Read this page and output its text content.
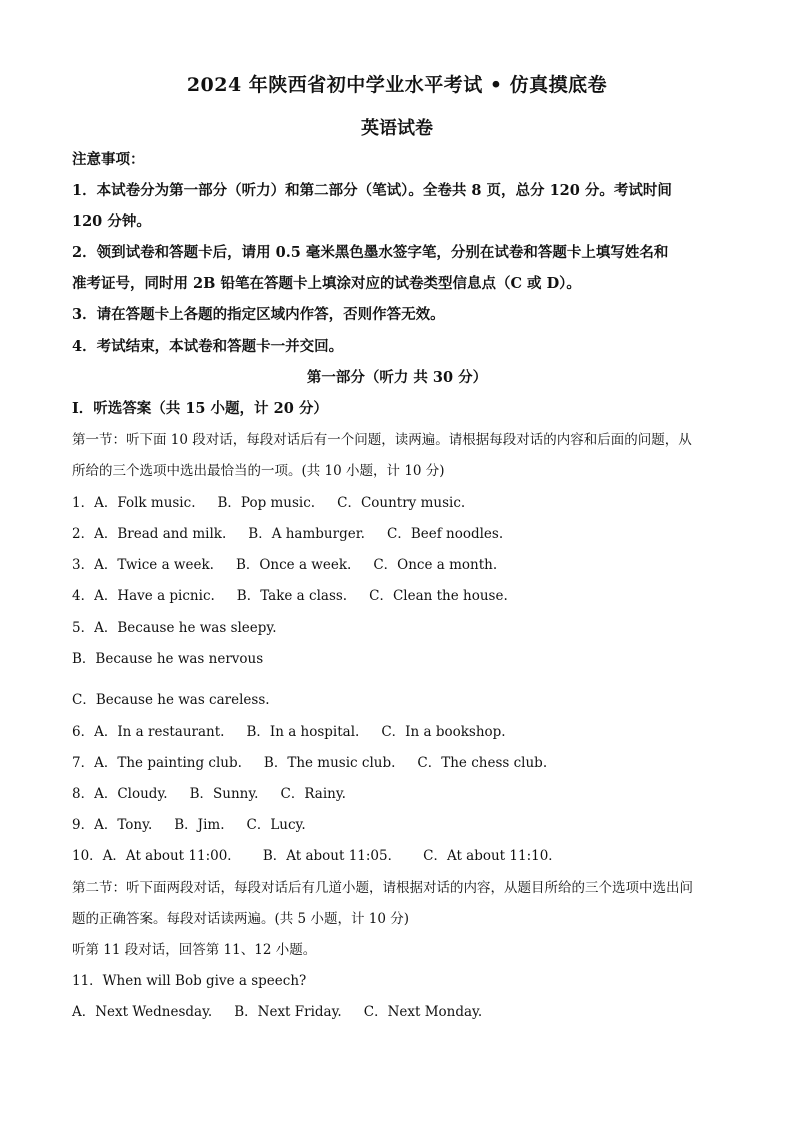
2024 年陕西省初中学业水平考试 • 仿真摸底卷
英语试卷
注意事项：
1．本试卷分为第一部分（听力）和第二部分（笔试）。全卷共 8 页，总分 120 分。考试时间
120 分钟。
2．领到试卷和答题卡后，请用 0.5 毫米黑色墨水签字笔，分别在试卷和答题卡上填写姓名和
准考证号，同时用 2B 铅笔在答题卡上填涂对应的试卷类型信息点（C 或 D）。
3．请在答题卡上各题的指定区域内作答，否则作答无效。
4．考试结束，本试卷和答题卡一并交回。
第一部分（听力 共 30 分）
Ⅰ．听选答案（共 15 小题，计 20 分）
第一节：听下面 10 段对话，每段对话后有一个问题，读两遍。请根据每段对话的内容和后面的问题，从
所给的三个选项中选出最恰当的一项。(共 10 小题，计 10 分)
1．A．Folk music. B．Pop music. C．Country music.
2．A．Bread and milk. B．A hamburger. C．Beef noodles.
3．A．Twice a week. B．Once a week. C．Once a month.
4．A．Have a picnic. B．Take a class. C．Clean the house.
5．A．Because he was sleepy.
B．Because he was nervous
C．Because he was careless.
6．A．In a restaurant. B．In a hospital. C．In a bookshop.
7．A．The painting club. B．The music club. C．The chess club.
8．A．Cloudy. B．Sunny. C．Rainy.
9．A．Tony. B．Jim. C．Lucy.
10．A．At about 11:00． B．At about 11:05． C．At about 11:10．
第二节：听下面两段对话，每段对话后有几道小题，请根据对话的内容，从题目所给的三个选项中选出问
题的正确答案。每段对话读两遍。(共 5 小题，计 10 分)
听第 11 段对话，回答第 11、12 小题。
11．When will Bob give a speech?
A．Next Wednesday. B．Next Friday. C．Next Monday.
